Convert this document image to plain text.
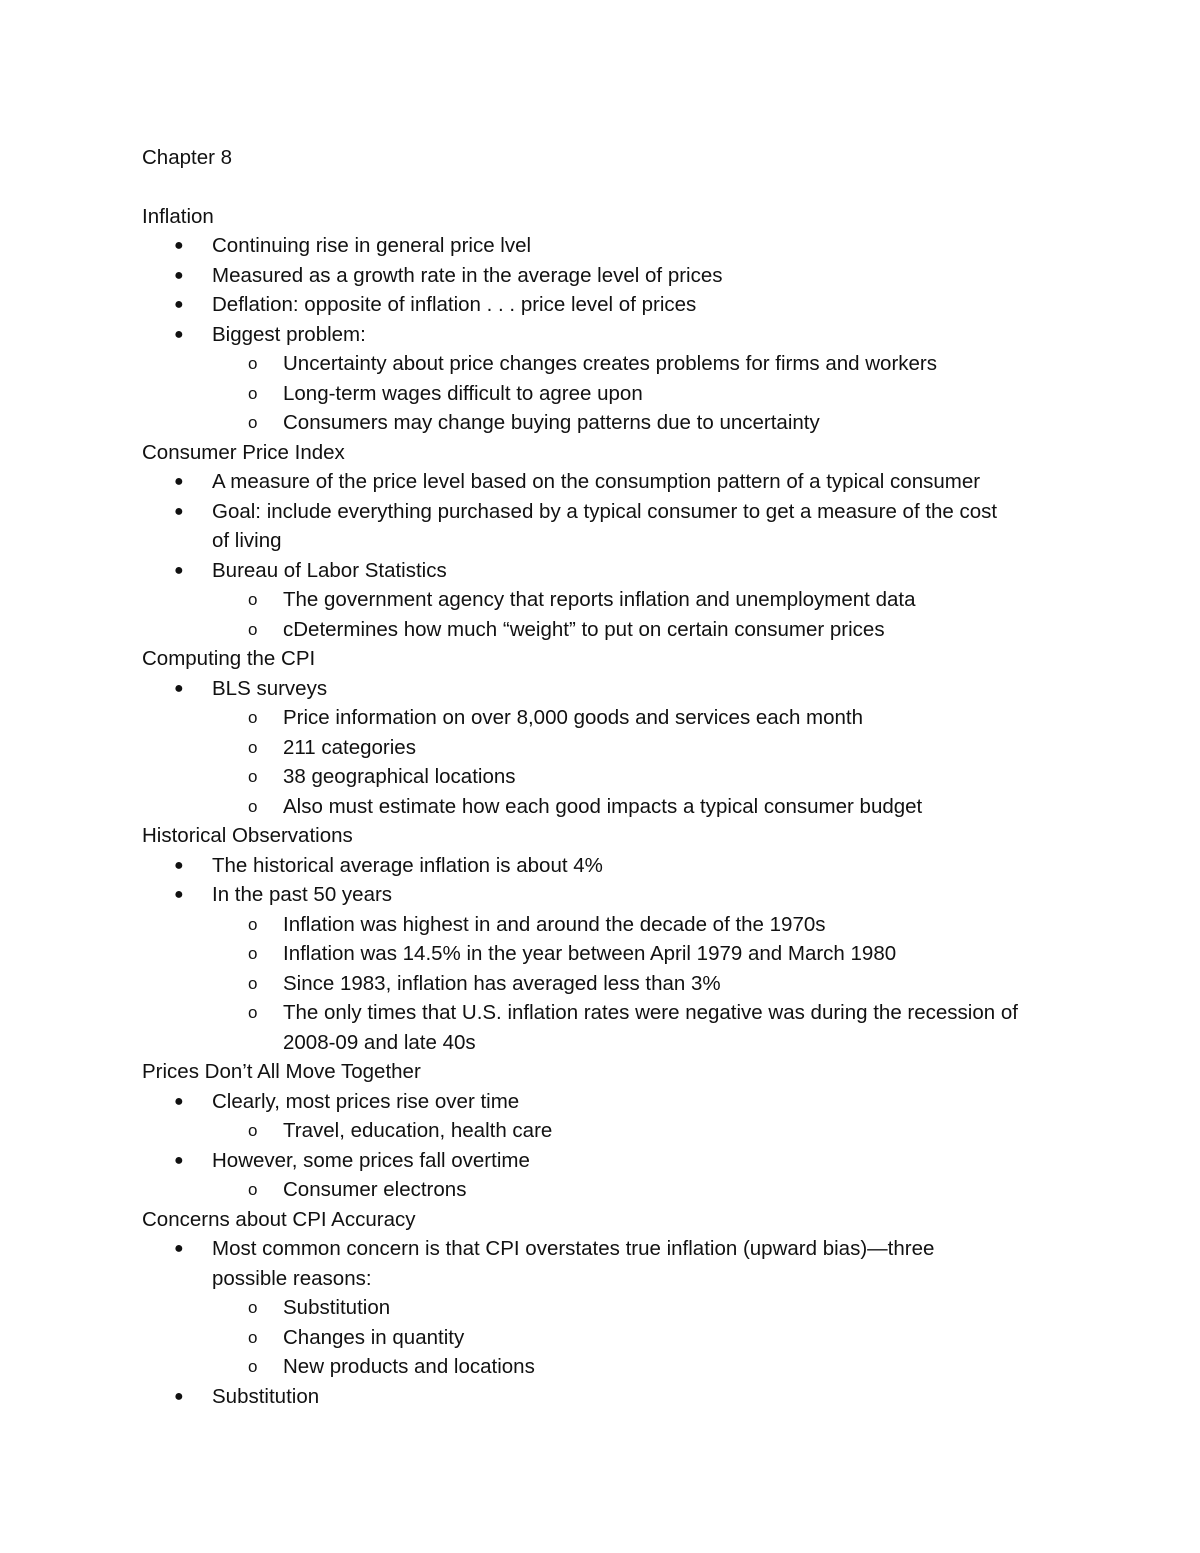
Chapter 8
Inflation
● Continuing rise in general price lvel
● Measured as a growth rate in the average level of prices
● Deflation: opposite of inflation . . . price level of prices
● Biggest problem:
o Uncertainty about price changes creates problems for firms and workers
o Long-term wages difficult to agree upon
o Consumers may change buying patterns due to uncertainty
Consumer Price Index
● A measure of the price level based on the consumption pattern of a typical consumer
● Goal: include everything purchased by a typical consumer to get a measure of the cost
of living
● Bureau of Labor Statistics
o The government agency that reports inflation and unemployment data
o cDetermines how much “weight” to put on certain consumer prices
Computing the CPI
● BLS surveys
o Price information on over 8,000 goods and services each month
o 211 categories
o 38 geographical locations
o Also must estimate how each good impacts a typical consumer budget
Historical Observations
● The historical average inflation is about 4%
● In the past 50 years
o Inflation was highest in and around the decade of the 1970s
o Inflation was 14.5% in the year between April 1979 and March 1980
o Since 1983, inflation has averaged less than 3%
o The only times that U.S. inflation rates were negative was during the recession of
2008-09 and late 40s
Prices Don’t All Move Together
● Clearly, most prices rise over time
o Travel, education, health care
● However, some prices fall overtime
o Consumer electrons
Concerns about CPI Accuracy
● Most common concern is that CPI overstates true inflation (upward bias)—three
possible reasons:
o Substitution
o Changes in quantity
o New products and locations
● Substitution
